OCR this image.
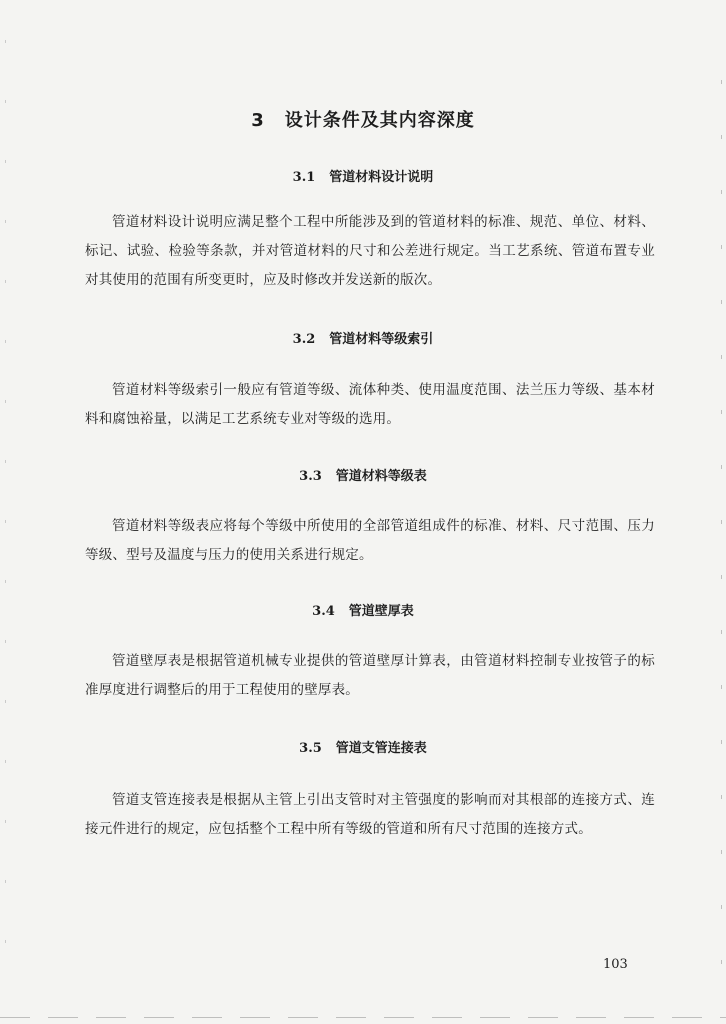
3 设计条件及其内容深度
3.1 管道材料设计说明
管道材料设计说明应满足整个工程中所能涉及到的管道材料的标准、规范、单位、材料、标记、试验、检验等条款，并对管道材料的尺寸和公差进行规定。当工艺系统、管道布置专业对其使用的范围有所变更时，应及时修改并发送新的版次。
3.2 管道材料等级索引
管道材料等级索引一般应有管道等级、流体种类、使用温度范围、法兰压力等级、基本材料和腐蚀裕量，以满足工艺系统专业对等级的选用。
3.3 管道材料等级表
管道材料等级表应将每个等级中所使用的全部管道组成件的标准、材料、尺寸范围、压力等级、型号及温度与压力的使用关系进行规定。
3.4 管道壁厚表
管道壁厚表是根据管道机械专业提供的管道壁厚计算表，由管道材料控制专业按管子的标准厚度进行调整后的用于工程使用的壁厚表。
3.5 管道支管连接表
管道支管连接表是根据从主管上引出支管时对主管强度的影响而对其根部的连接方式、连接元件进行的规定，应包括整个工程中所有等级的管道和所有尺寸范围的连接方式。
103
